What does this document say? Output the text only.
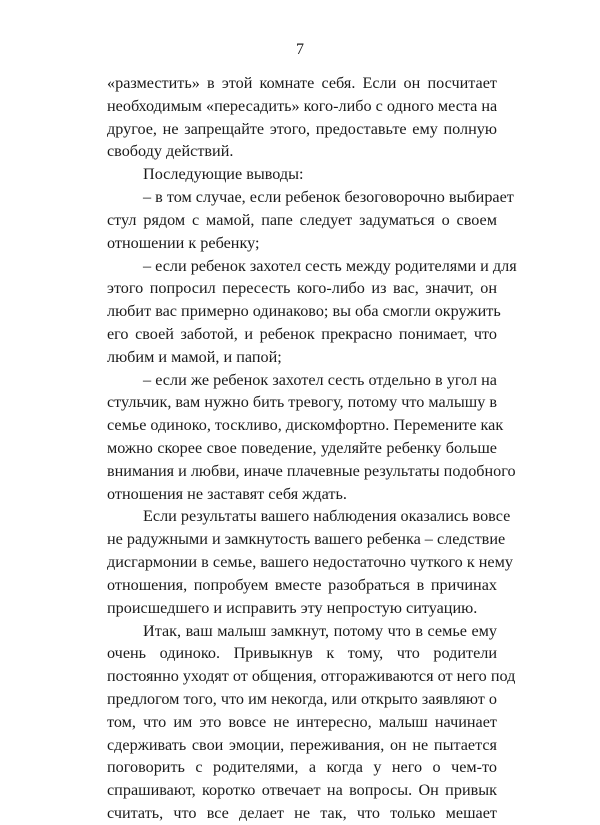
7
«разместить» в этой комнате себя. Если он посчитает
необходимым «пересадить» кого-либо с одного места на
другое, не запрещайте этого, предоставьте ему полную
свободу действий.
Последующие выводы:
– в том случае, если ребенок безоговорочно выбирает
стул рядом с мамой, папе следует задуматься о своем
отношении к ребенку;
– если ребенок захотел сесть между родителями и для
этого попросил пересесть кого-либо из вас, значит, он
любит вас примерно одинаково; вы оба смогли окружить
его своей заботой, и ребенок прекрасно понимает, что
любим и мамой, и папой;
– если же ребенок захотел сесть отдельно в угол на
стульчик, вам нужно бить тревогу, потому что малышу в
семье одиноко, тоскливо, дискомфортно. Перемените как
можно скорее свое поведение, уделяйте ребенку больше
внимания и любви, иначе плачевные результаты подобного
отношения не заставят себя ждать.
Если результаты вашего наблюдения оказались вовсе
не радужными и замкнутость вашего ребенка – следствие
дисгармонии в семье, вашего недостаточно чуткого к нему
отношения, попробуем вместе разобраться в причинах
происшедшего и исправить эту непростую ситуацию.
Итак, ваш малыш замкнут, потому что в семье ему
очень одиноко. Привыкнув к тому, что родители
постоянно уходят от общения, отгораживаются от него под
предлогом того, что им некогда, или открыто заявляют о
том, что им это вовсе не интересно, малыш начинает
сдерживать свои эмоции, переживания, он не пытается
поговорить с родителями, а когда у него о чем-то
спрашивают, коротко отвечает на вопросы. Он привык
считать, что все делает не так, что только мешает
